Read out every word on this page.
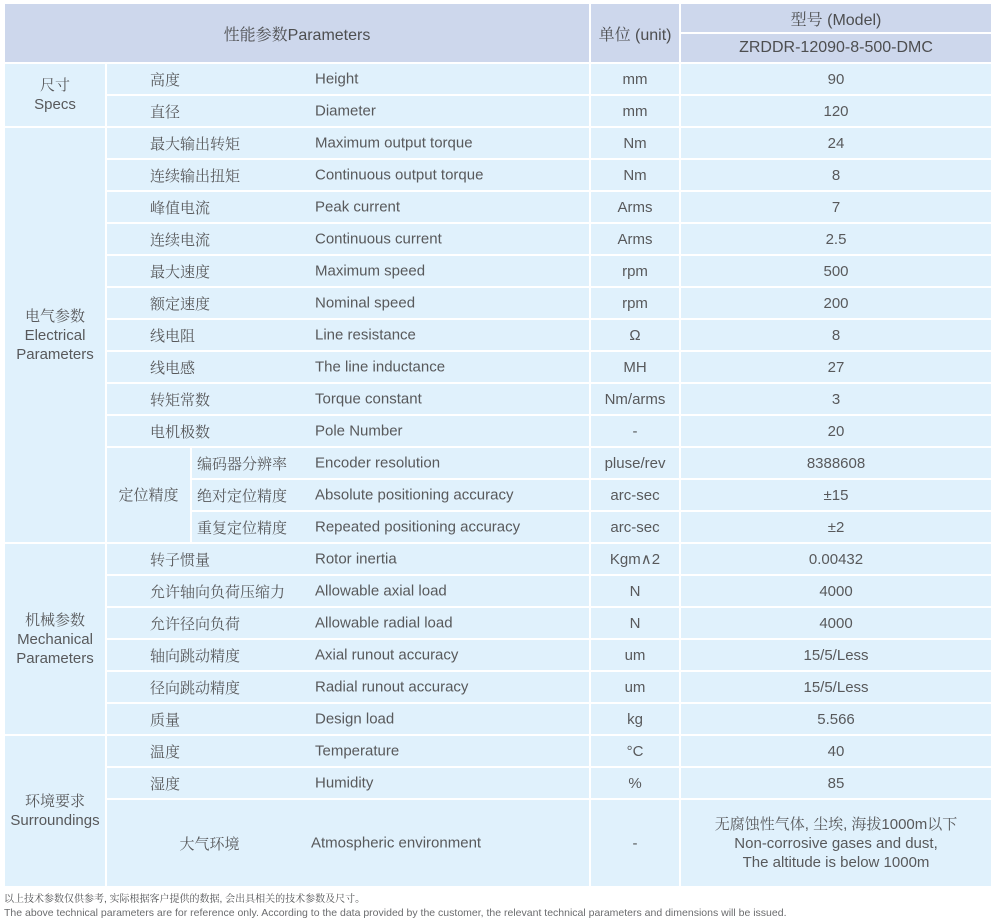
性能参数Parameters			单位 (unit)	型号 (Model)
				ZRDDR-12090-8-500-DMC

尺寸
Specs	高度 Height		mm	90
	直径 Diameter		mm	120

电气参数
Electrical Parameters	最大输出转矩 Maximum output torque		Nm	24
	连续输出扭矩 Continuous output torque		Nm	8
	峰值电流 Peak current		Arms	7
	连续电流 Continuous current		Arms	2.5
	最大速度 Maximum speed		rpm	500
	额定速度 Nominal speed		rpm	200
	线电阻 Line resistance		Ω	8
	线电感 The line inductance		MH	27
	转矩常数 Torque constant		Nm/arms	3
	电机极数 Pole Number		-	20
	定位精度	编码器分辨率 Encoder resolution	pluse/rev	8388608
		绝对定位精度 Absolute positioning accuracy	arc-sec	±15
		重复定位精度 Repeated positioning accuracy	arc-sec	±2

机械参数
Mechanical Parameters	转子惯量 Rotor inertia		Kgm∧2	0.00432
	允许轴向负荷压缩力 Allowable axial load		N	4000
	允许径向负荷 Allowable radial load		N	4000
	轴向跳动精度 Axial runout accuracy		um	15/5/Less
	径向跳动精度 Radial runout accuracy		um	15/5/Less
	质量 Design load		kg	5.566

环境要求
Surroundings	温度 Temperature		°C	40
	湿度 Humidity		%	85
	大气环境 Atmospheric environment		-	无腐蚀性气体, 尘埃, 海拔1000m以下
Non-corrosive gases and dust,
The altitude is below 1000m
以上技术参数仅供参考, 实际根据客户提供的数据, 会出具相关的技术参数及尺寸。
The above technical parameters are for reference only. According to the data provided by the customer, the relevant technical parameters and dimensions will be issued.
